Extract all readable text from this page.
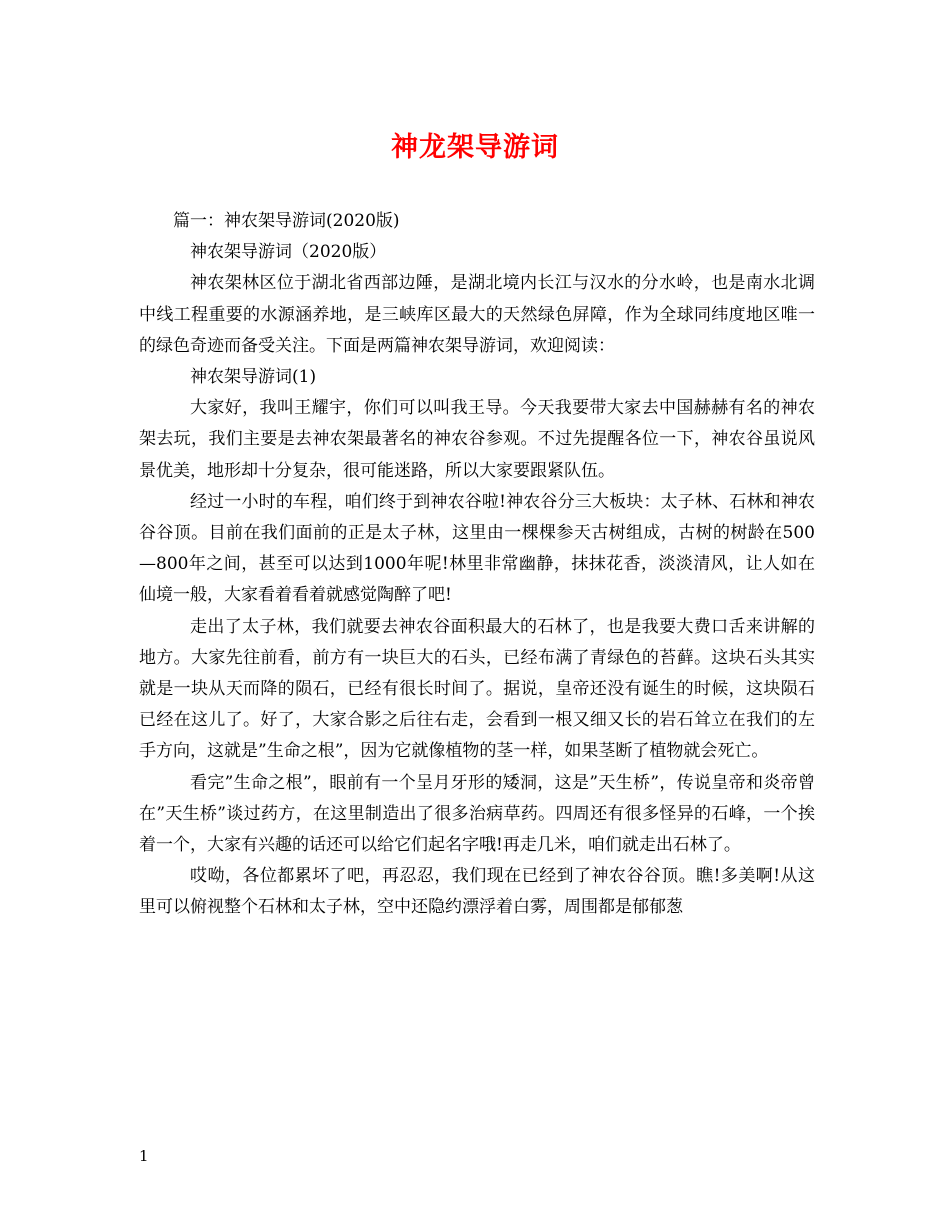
神龙架导游词

篇一：神农架导游词(2020版)

神农架导游词（2020版）

神农架林区位于湖北省西部边陲，是湖北境内长江与汉水的分水岭，也是南水北调中线工程重要的水源涵养地，是三峡库区最大的天然绿色屏障，作为全球同纬度地区唯一的绿色奇迹而备受关注。下面是两篇神农架导游词，欢迎阅读：

神农架导游词(1)

大家好，我叫王耀宇，你们可以叫我王导。今天我要带大家去中国赫赫有名的神农架去玩，我们主要是去神农架最著名的神农谷参观。不过先提醒各位一下，神农谷虽说风景优美，地形却十分复杂，很可能迷路，所以大家要跟紧队伍。

经过一小时的车程，咱们终于到神农谷啦!神农谷分三大板块：太子林、石林和神农谷谷顶。目前在我们面前的正是太子林，这里由一棵棵参天古树组成，古树的树龄在500—800年之间，甚至可以达到1000年呢!林里非常幽静，抹抹花香，淡淡清风，让人如在仙境一般，大家看着看着就感觉陶醉了吧!

走出了太子林，我们就要去神农谷面积最大的石林了，也是我要大费口舌来讲解的地方。大家先往前看，前方有一块巨大的石头，已经布满了青绿色的苔藓。这块石头其实就是一块从天而降的陨石，已经有很长时间了。据说，皇帝还没有诞生的时候，这块陨石已经在这儿了。好了，大家合影之后往右走，会看到一根又细又长的岩石耸立在我们的左手方向，这就是”生命之根”，因为它就像植物的茎一样，如果茎断了植物就会死亡。

看完”生命之根”，眼前有一个呈月牙形的矮洞，这是”天生桥”，传说皇帝和炎帝曾在”天生桥”谈过药方，在这里制造出了很多治病草药。四周还有很多怪异的石峰，一个挨着一个，大家有兴趣的话还可以给它们起名字哦!再走几米，咱们就走出石林了。

哎呦，各位都累坏了吧，再忍忍，我们现在已经到了神农谷谷顶。瞧!多美啊!从这里可以俯视整个石林和太子林，空中还隐约漂浮着白雾，周围都是郁郁葱

1
